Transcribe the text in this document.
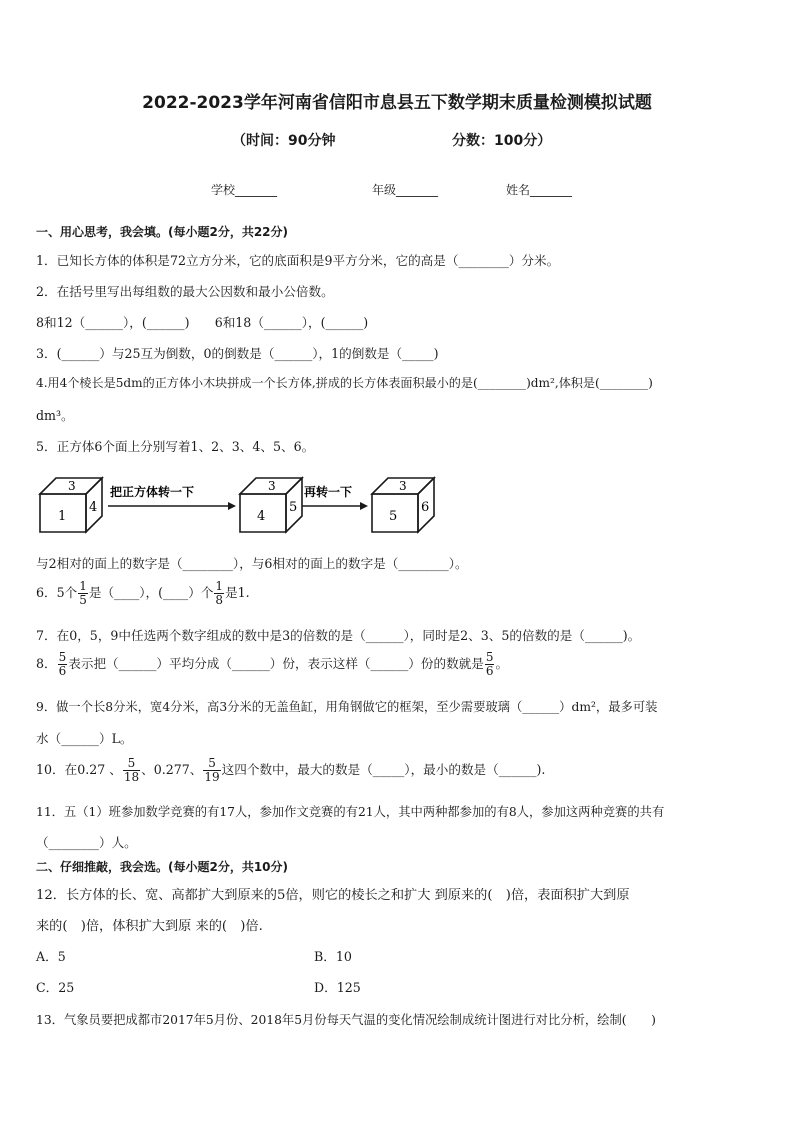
2022-2023学年河南省信阳市息县五下数学期末质量检测模拟试题
（时间：90分钟	分数：100分）
学校_______	年级_______	姓名_______
一、用心思考，我会填。(每小题2分，共22分)
1．已知长方体的体积是72立方分米，它的底面积是9平方分米，它的高是（________）分米。
2．在括号里写出每组数的最大公因数和最小公倍数。
8和12（______），(______)　　6和18（______），(______)
3．(______）与25互为倒数，0的倒数是（______），1的倒数是（_____)
4.用4个棱长是5dm的正方体小木块拼成一个长方体,拼成的长方体表面积最小的是(________)dm²,体积是(________)
dm³。
5．正方体6个面上分别写着1、2、3、4、5、6。
3
1
4
把正方体转一下	3
4
5
再转一下	3
5
6
与2相对的面上的数字是（________），与6相对的面上的数字是（________）。
6．5个 $\frac{1}{5}$ 是（____），(____）个 $\frac{1}{8}$ 是1.
7．在0，5，9中任选两个数字组成的数中是3的倍数的是（______），同时是2、3、5的倍数的是（______)。
8． $\frac{5}{6}$ 表示把（______）平均分成（______）份，表示这样（______）份的数就是 $\frac{5}{6}$ 。
9．做一个长8分米，宽4分米，高3分米的无盖鱼缸，用角钢做它的框架，至少需要玻璃（______）dm²，最多可装
水（______）L。
10．在0.27 、 $\frac{5}{18}$ 、0.277、 $\frac{5}{19}$ 这四个数中，最大的数是（_____），最小的数是（______).
11．五（1）班参加数学竞赛的有17人，参加作文竞赛的有21人，其中两种都参加的有8人，参加这两种竞赛的共有
（________）人。
二、仔细推敲，我会选。(每小题2分，共10分)
12．长方体的长、宽、高都扩大到原来的5倍，则它的棱长之和扩大 到原来的(　)倍，表面积扩大到原
来的(　)倍，体积扩大到原 来的(　)倍.
A．5	B．10
C．25	D．125
13．气象员要把成都市2017年5月份、2018年5月份每天气温的变化情况绘制成统计图进行对比分析，绘制(　　)
